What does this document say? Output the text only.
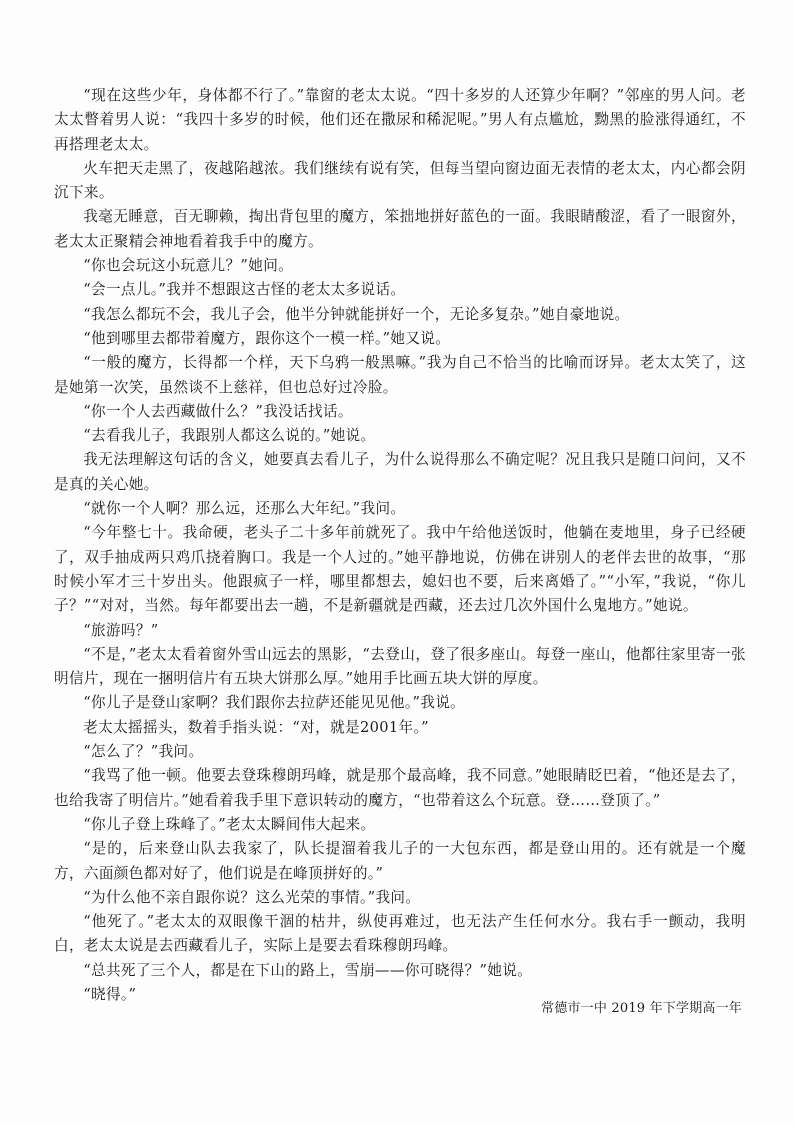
“现在这些少年，身体都不行了。”靠窗的老太太说。“四十多岁的人还算少年啊？”邻座的男人问。老太太瞥着男人说：“我四十多岁的时候，他们还在撒尿和稀泥呢。”男人有点尴尬，黝黑的脸涨得通红，不再搭理老太太。

火车把天走黑了，夜越陷越浓。我们继续有说有笑，但每当望向窗边面无表情的老太太，内心都会阴沉下来。

我毫无睡意，百无聊赖，掏出背包里的魔方，笨拙地拼好蓝色的一面。我眼睛酸涩，看了一眼窗外，老太太正聚精会神地看着我手中的魔方。

“你也会玩这小玩意儿？”她问。

“会一点儿。”我并不想跟这古怪的老太太多说话。

“我怎么都玩不会，我儿子会，他半分钟就能拼好一个，无论多复杂。”她自豪地说。

“他到哪里去都带着魔方，跟你这个一模一样。”她又说。

“一般的魔方，长得都一个样，天下乌鸦一般黑嘛。”我为自己不恰当的比喻而讶异。老太太笑了，这是她第一次笑，虽然谈不上慈祥，但也总好过冷脸。

“你一个人去西藏做什么？”我没话找话。

“去看我儿子，我跟别人都这么说的。”她说。

我无法理解这句话的含义，她要真去看儿子，为什么说得那么不确定呢？况且我只是随口问问，又不是真的关心她。

“就你一个人啊？那么远，还那么大年纪。”我问。

“今年整七十。我命硬，老头子二十多年前就死了。我中午给他送饭时，他躺在麦地里，身子已经硬了，双手抽成两只鸡爪挠着胸口。我是一个人过的。”她平静地说，仿佛在讲别人的老伴去世的故事，“那时候小军才三十岁出头。他跟疯子一样，哪里都想去，媳妇也不要，后来离婚了。”“小军，”我说，“你儿子？”“对对，当然。每年都要出去一趟，不是新疆就是西藏，还去过几次外国什么鬼地方。”她说。

“旅游吗？”

“不是，”老太太看着窗外雪山远去的黑影，“去登山，登了很多座山。每登一座山，他都往家里寄一张明信片，现在一捆明信片有五块大饼那么厚。”她用手比画五块大饼的厚度。

“你儿子是登山家啊？我们跟你去拉萨还能见见他。”我说。

老太太摇摇头，数着手指头说：“对，就是2001年。”

“怎么了？”我问。

“我骂了他一顿。他要去登珠穆朗玛峰，就是那个最高峰，我不同意。”她眼睛眨巴着，“他还是去了，也给我寄了明信片。”她看着我手里下意识转动的魔方，“也带着这么个玩意。登……登顶了。”

“你儿子登上珠峰了。”老太太瞬间伟大起来。

“是的，后来登山队去我家了，队长提溜着我儿子的一大包东西，都是登山用的。还有就是一个魔方，六面颜色都对好了，他们说是在峰顶拼好的。”

“为什么他不亲自跟你说？这么光荣的事情。”我问。

“他死了。”老太太的双眼像干涸的枯井，纵使再难过，也无法产生任何水分。我右手一颤动，我明白，老太太说是去西藏看儿子，实际上是要去看珠穆朗玛峰。

“总共死了三个人，都是在下山的路上，雪崩——你可晓得？”她说。

“晓得。”

常德市一中 2019 年下学期高一年
